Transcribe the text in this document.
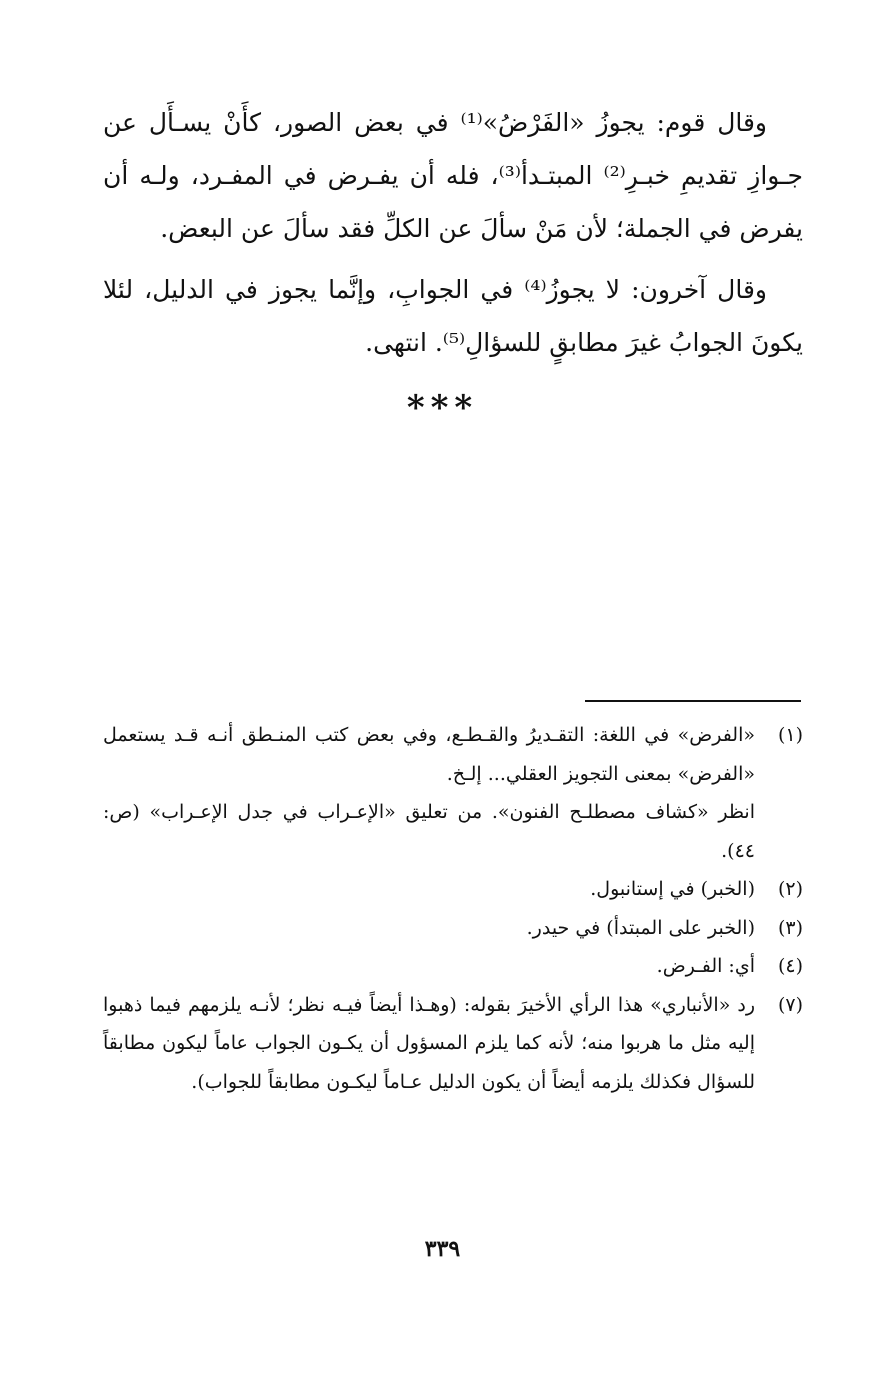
وقال قوم: يجوزُ «الفَرْضُ»⁽¹⁾ في بعض الصور، كأَنْ يسـأَل عن جـوازِ تقديمِ خبـرِ⁽²⁾ المبتـدأ⁽³⁾، فله أن يفـرض في المفـرد، ولـه أن يفرض في الجملة؛ لأن مَنْ سألَ عن الكلِّ فقد سألَ عن البعض.

وقال آخرون: لا يجوزُ⁽⁴⁾ في الجوابِ، وإنَّما يجوز في الدليل، لئلا يكونَ الجوابُ غيرَ مطابقٍ للسؤالِ⁽⁵⁾. انتهى.

***
(١)

«الفرض» في اللغة: التقـديرُ والقـطـع، وفي بعض كتب المنـطق أنـه قـد يستعمل «الفرض» بمعنى التجويز العقلي... إلـخ.

انظر «كشاف مصطلـح الفنون». من تعليق «الإعـراب في جدل الإعـراب» (ص: ٤٤).

(٢)

(الخبر) في إستانبول.

(٣)

(الخبر على المبتدأ) في حيدر.

(٤)

أي: الفـرض.

(٧)

رد «الأنباري» هذا الرأي الأخيرَ بقوله: (وهـذا أيضاً فيـه نظر؛ لأنـه يلزمهم فيما ذهبوا إليه مثل ما هربوا منه؛ لأنه كما يلزم المسؤول أن يكـون الجواب عاماً ليكون مطابقاً للسؤال فكذلك يلزمه أيضاً أن يكون الدليل عـاماً ليكـون مطابقاً للجواب).

٣٣٩
